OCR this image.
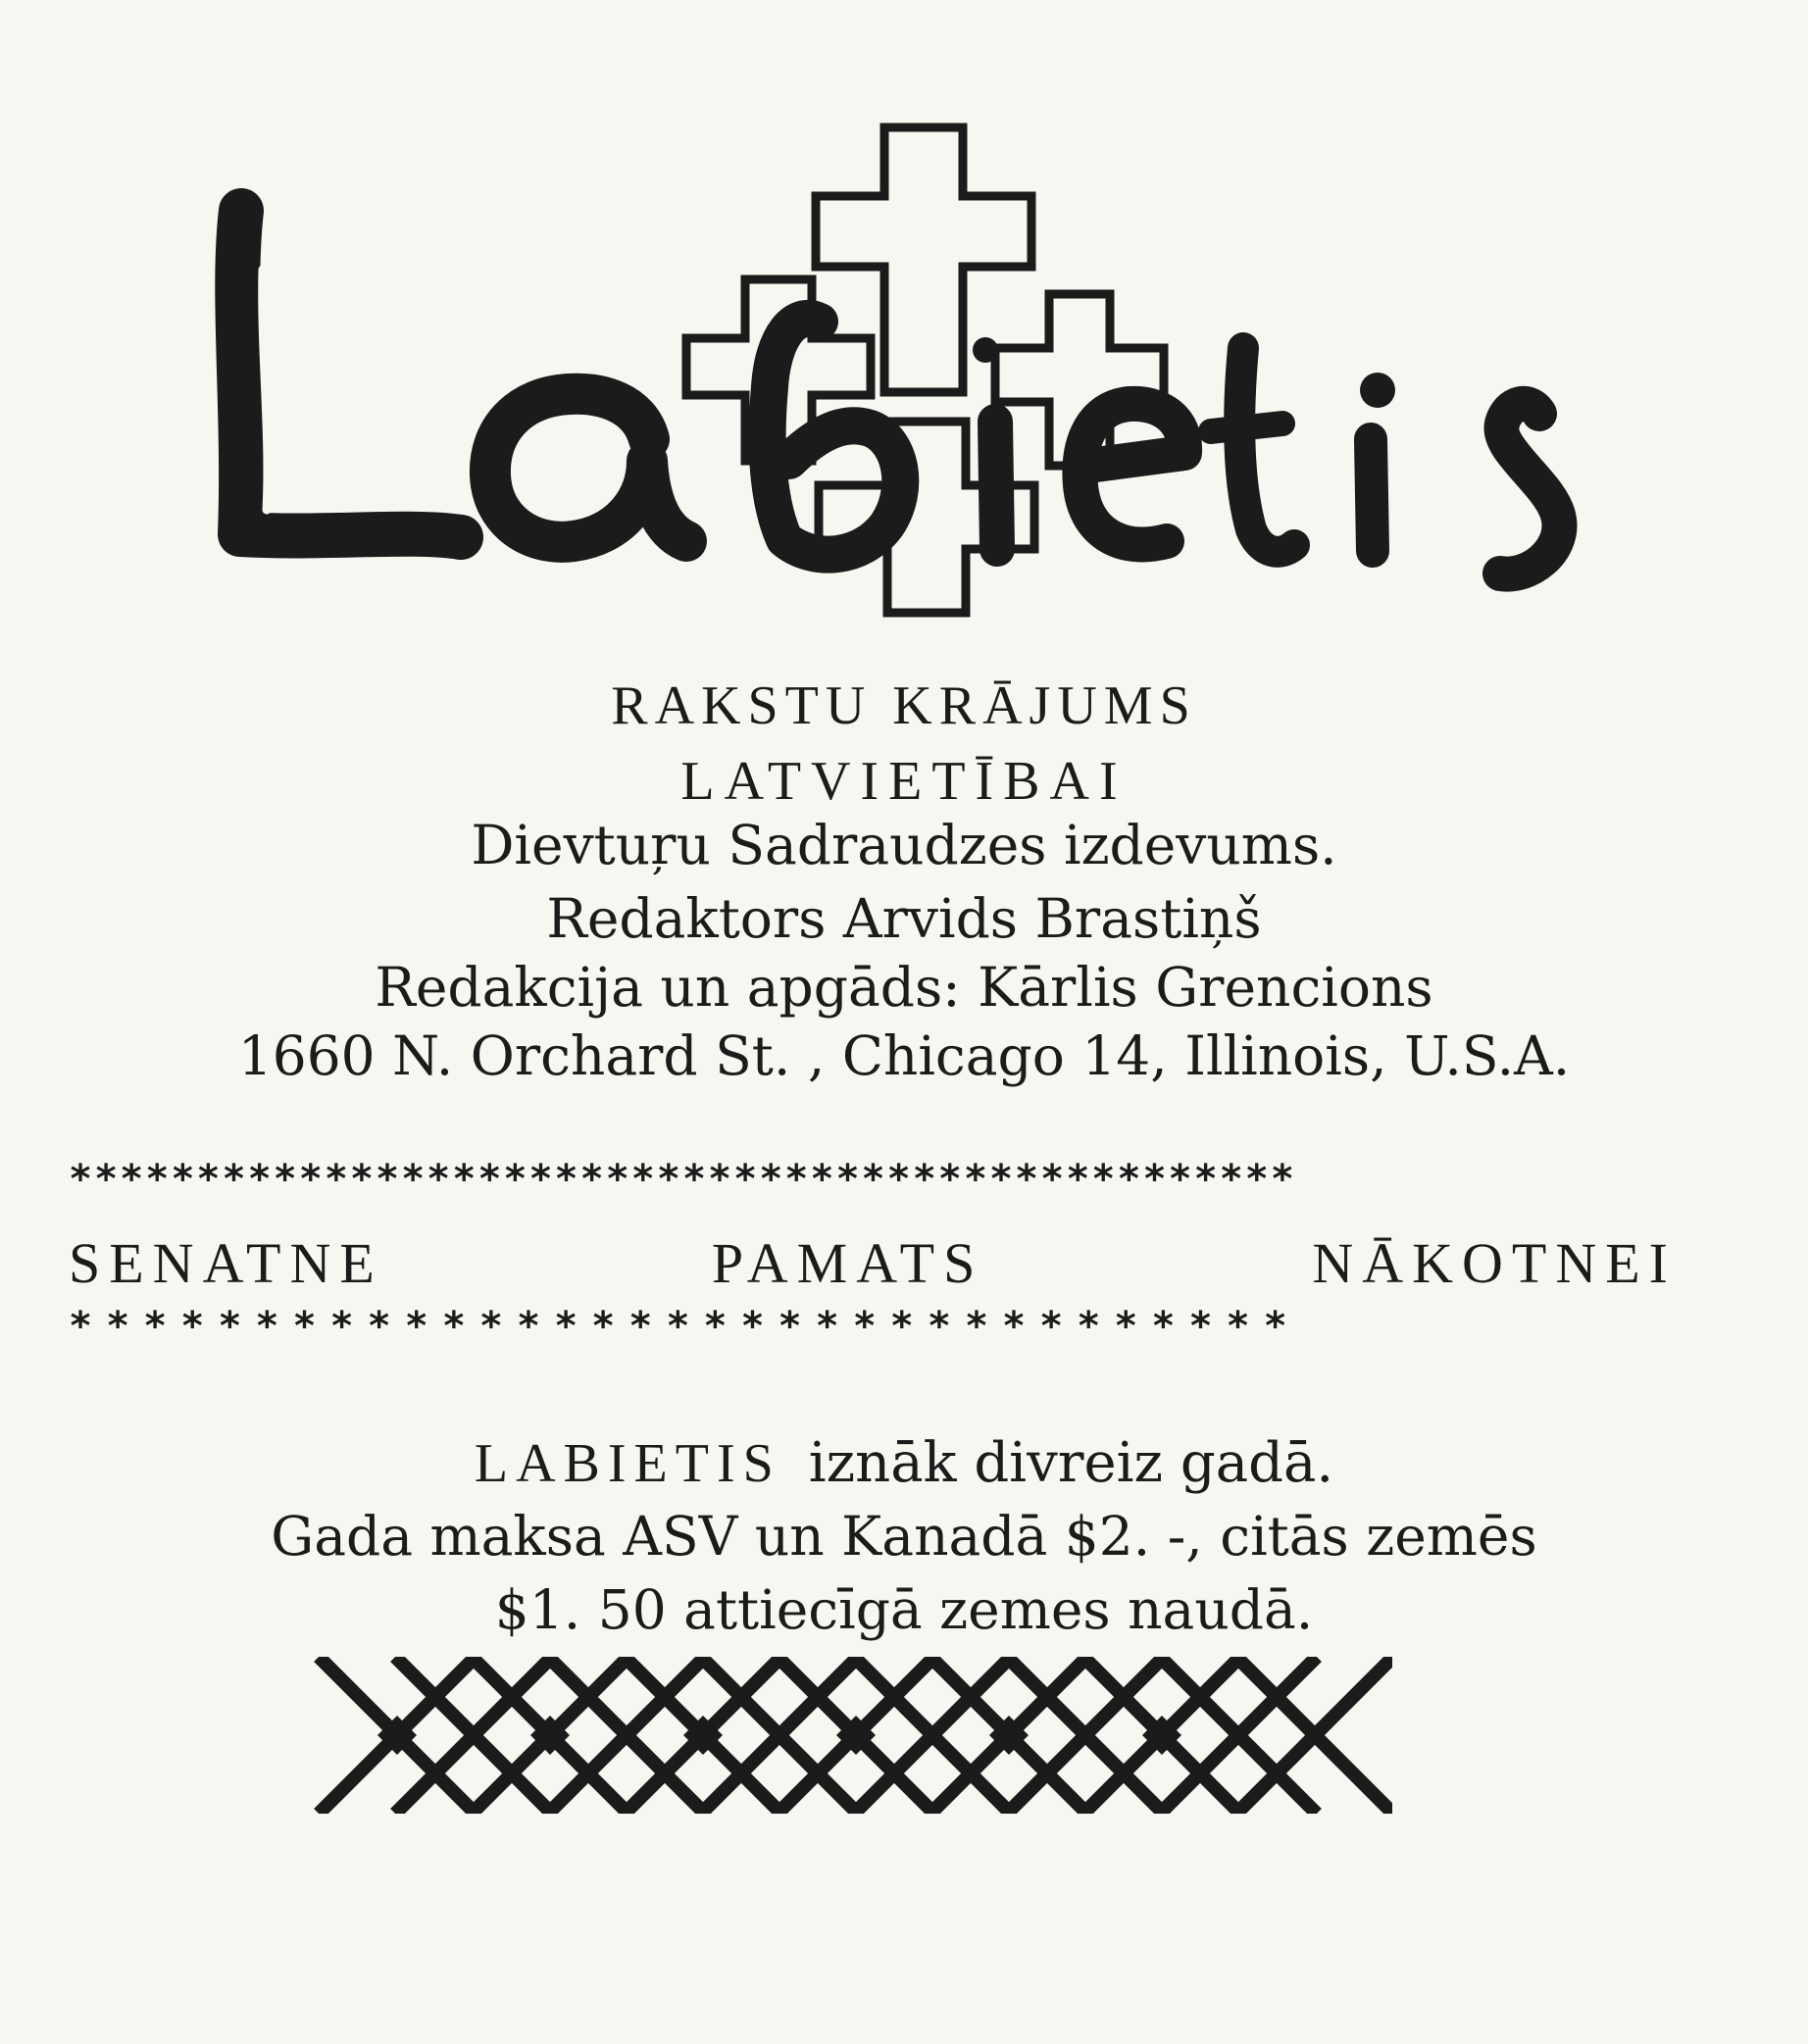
RAKSTU KRĀJUMS
LATVIETĪBAI
Dievtuŗu Sadraudzes izdevums.
Redaktors Arvids Brastiņš
Redakcija un apgāds: Kārlis Grencions
1660 N. Orchard St. , Chicago 14, Illinois, U.S.A.
************************************************
SENATNE	PAMATS	NĀKOTNEI
*********************************
LABIETIS iznāk divreiz gadā.
Gada maksa ASV un Kanadā $2. -, citās zemēs
$1. 50 attiecīgā zemes naudā.
